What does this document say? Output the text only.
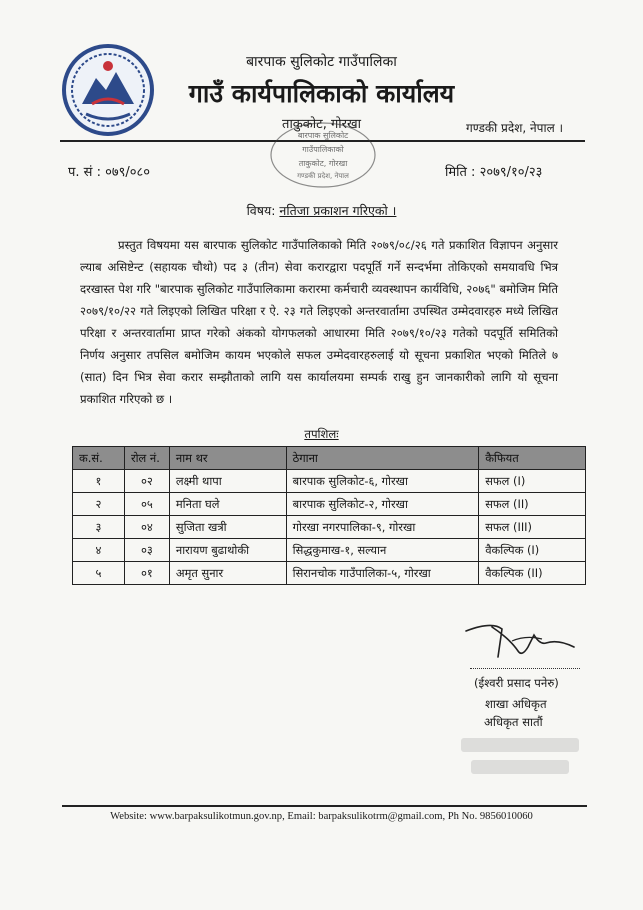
बारपाक सुलिकोट गाउँपालिका
गाउँ कार्यपालिकाको कार्यालय
ताकुकोट, गोरखा	गण्डकी प्रदेश, नेपाल ।
बारपाक सुलिकोट
गाउँपालिकाको
ताकुकोट, गोरखा
गण्डकी प्रदेश, नेपाल
प. सं : ०७९/०८०	मिति : २०७९/१०/२३
विषय: नतिजा प्रकाशन गरिएको ।
प्रस्तुत विषयमा यस बारपाक सुलिकोट गाउँपालिकाको मिति २०७९/०८/२६ गते प्रकाशित विज्ञापन अनुसार ल्याब असिष्टेन्ट (सहायक चौथो) पद ३ (तीन) सेवा करारद्वारा पदपूर्ति गर्ने सन्दर्भमा तोकिएको समयावधि भित्र दरखास्त पेश गरि "बारपाक सुलिकोट गाउँपालिकामा करारमा कर्मचारी व्यवस्थापन कार्यविधि, २०७६" बमोजिम मिति २०७९/१०/२२ गते लिइएको लिखित परिक्षा र ऐ. २३ गते लिइएको अन्तरवार्तामा उपस्थित उम्मेदवारहरु मध्ये लिखित परिक्षा र अन्तरवार्तामा प्राप्त गरेको अंकको योगफलको आधारमा मिति २०७९/१०/२३ गतेको पदपूर्ति समितिको निर्णय अनुसार तपसिल बमोजिम कायम भएकोले सफल उम्मेदवारहरुलाई यो सूचना प्रकाशित भएको मितिले ७ (सात) दिन भित्र सेवा करार सम्झौताको लागि यस कार्यालयमा सम्पर्क राखु हुन जानकारीको लागि यो सूचना प्रकाशित गरिएको छ ।
तपशिलः
क.सं.	रोल नं.	नाम थर	ठेगाना	कैफियत
१	०२	लक्ष्मी थापा	बारपाक सुलिकोट-६, गोरखा	सफल (I)
२	०५	मनिता घले	बारपाक सुलिकोट-२, गोरखा	सफल (II)
३	०४	सुजिता खत्री	गोरखा नगरपालिका-९, गोरखा	सफल (III)
४	०३	नारायण बुढाथोकी	सिद्धकुमाख-१, सल्यान	वैकल्पिक (I)
५	०१	अमृत सुनार	सिरानचोक गाउँपालिका-५, गोरखा	वैकल्पिक (II)
(ईश्वरी प्रसाद पनेरु)
शाखा अधिकृत
अधिकृत सातौं
Website: www.barpaksulikotmun.gov.np, Email: barpaksulikotrm@gmail.com, Ph No. 9856010060
